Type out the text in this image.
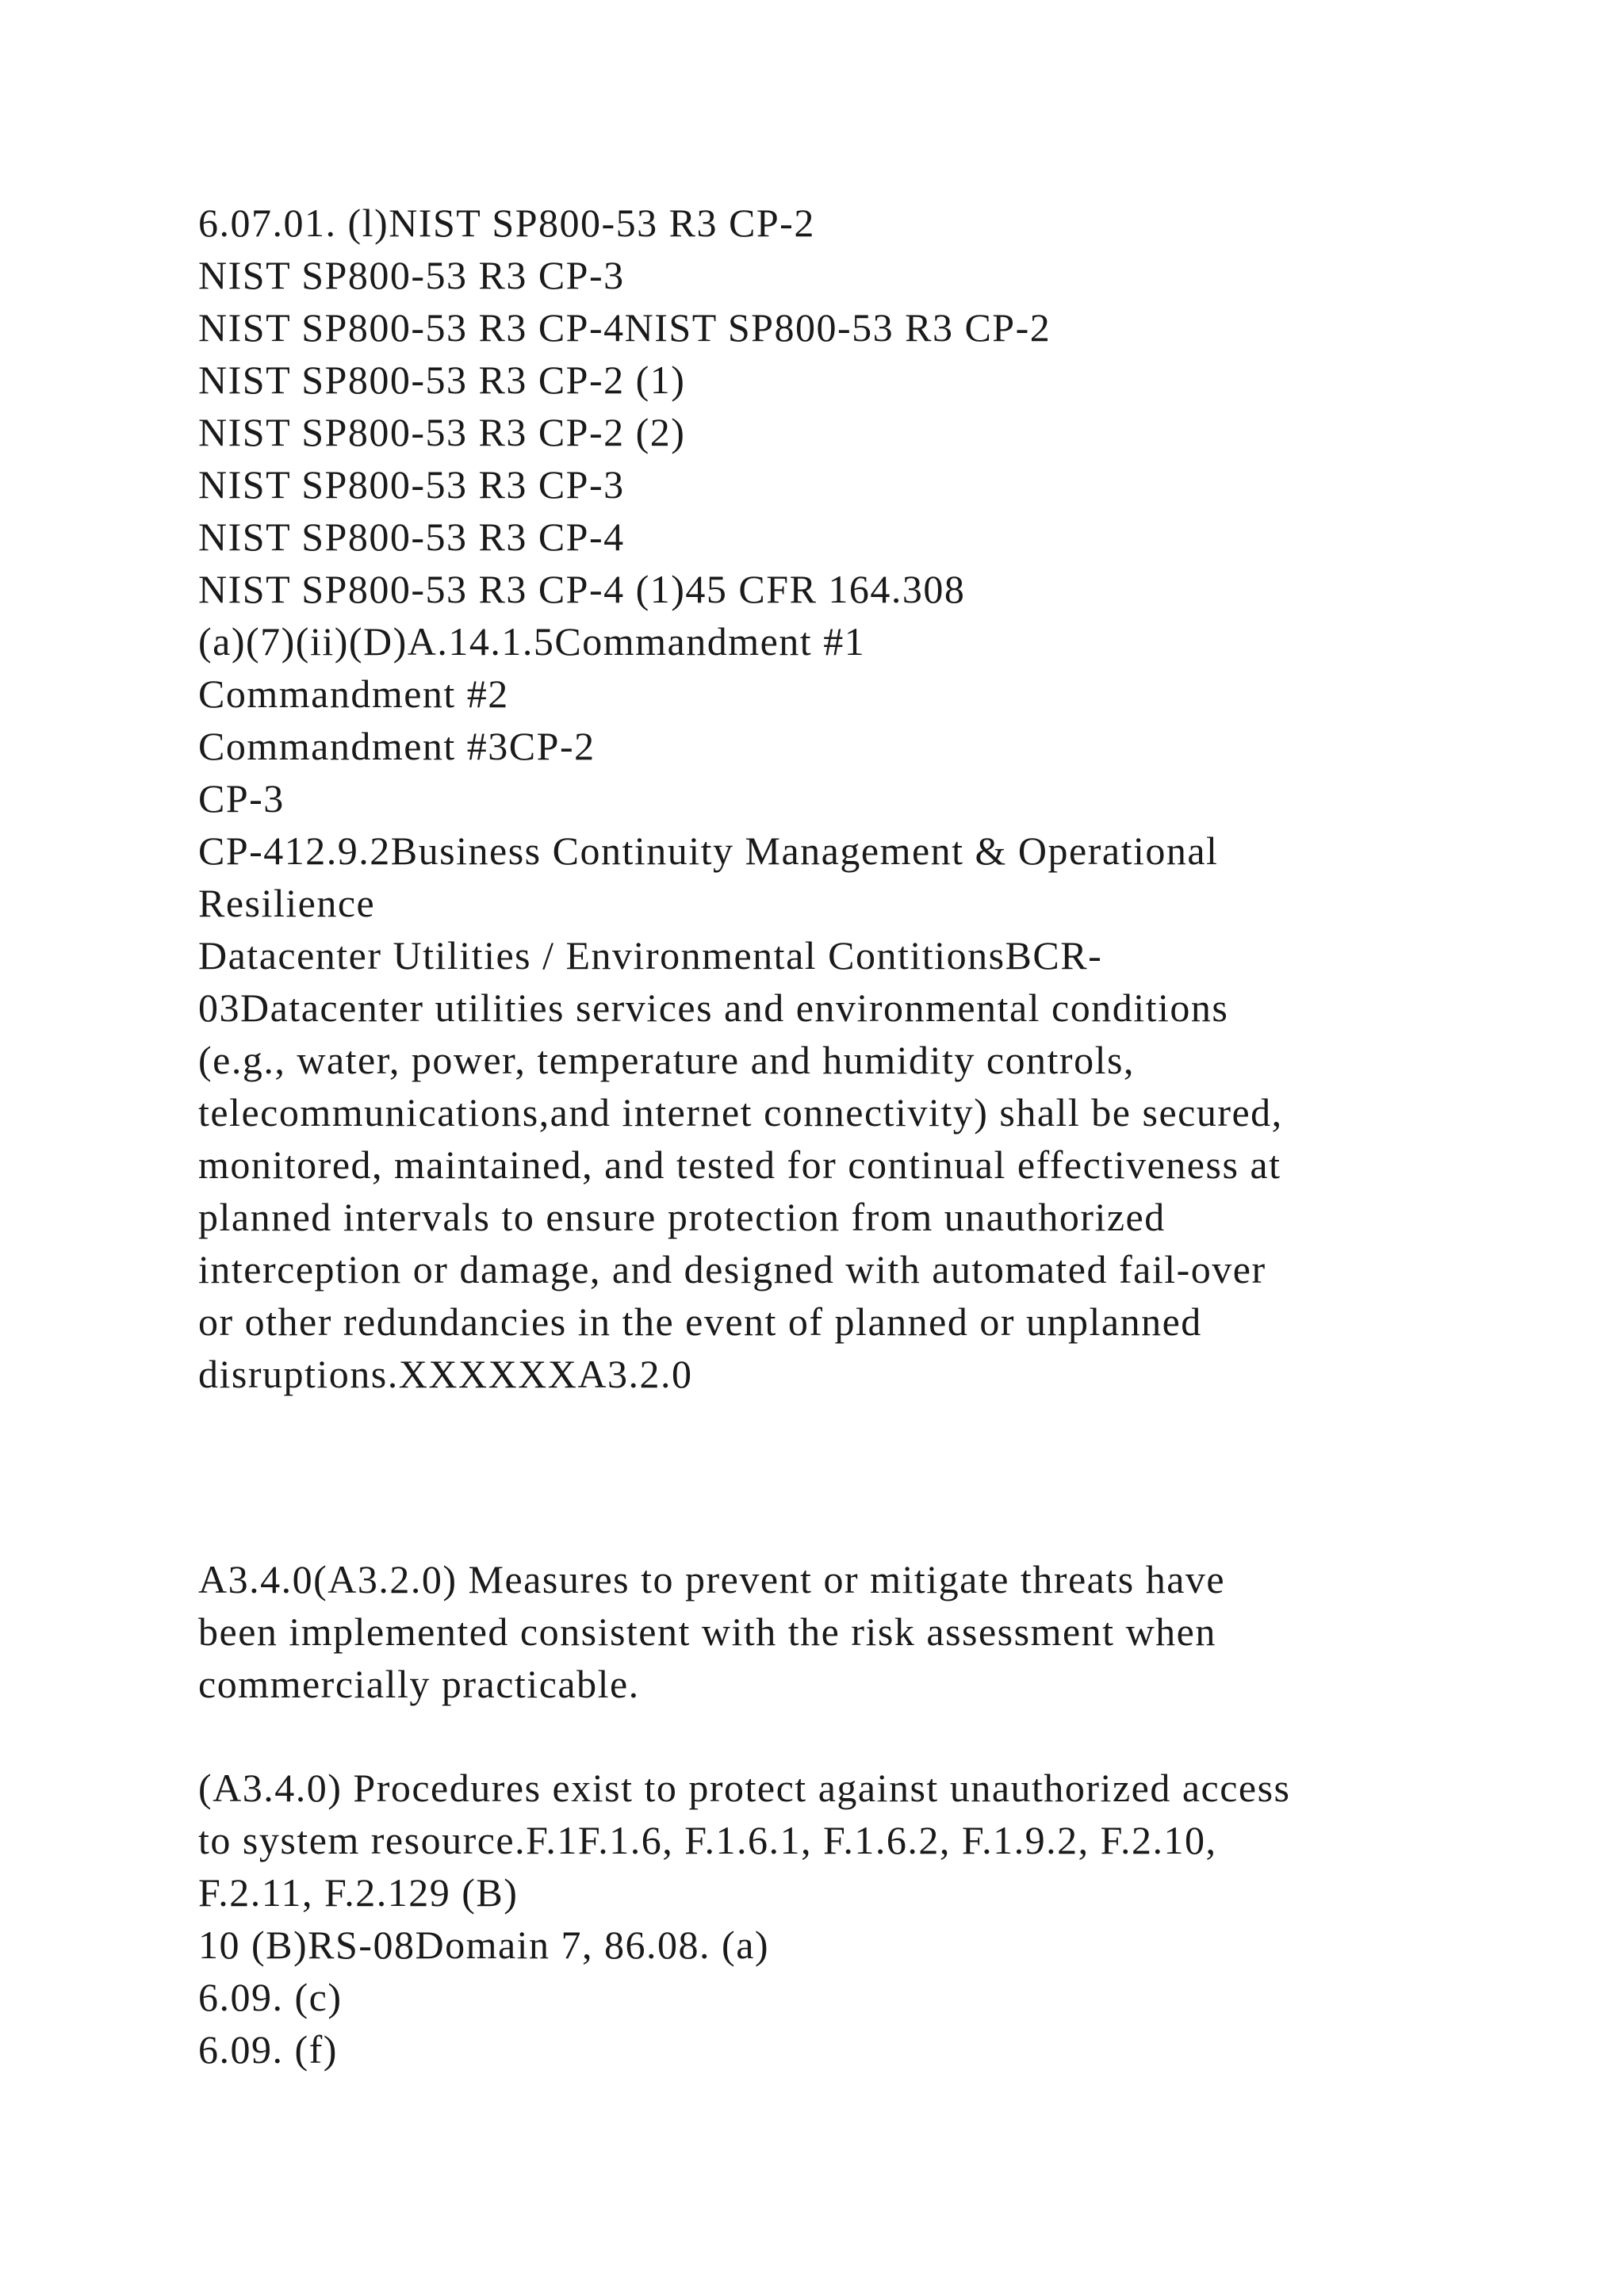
6.07.01. (l)NIST SP800-53 R3 CP-2
NIST SP800-53 R3 CP-3
NIST SP800-53 R3 CP-4NIST SP800-53 R3 CP-2
NIST SP800-53 R3 CP-2 (1)
NIST SP800-53 R3 CP-2 (2)
NIST SP800-53 R3 CP-3
NIST SP800-53 R3 CP-4
NIST SP800-53 R3 CP-4 (1)45 CFR 164.308
(a)(7)(ii)(D)A.14.1.5Commandment #1
Commandment #2
Commandment #3CP-2
CP-3
CP-412.9.2Business Continuity Management & Operational
Resilience
Datacenter Utilities / Environmental ContitionsBCR-
03Datacenter utilities services and environmental conditions
(e.g., water, power, temperature and humidity controls,
telecommunications,and internet connectivity) shall be secured,
monitored, maintained, and tested for continual effectiveness at
planned intervals to ensure protection from unauthorized
interception or damage, and designed with automated fail-over
or other redundancies in the event of planned or unplanned
disruptions.XXXXXXA3.2.0
A3.4.0(A3.2.0) Measures to prevent or mitigate threats have
been implemented consistent with the risk assessment when
commercially practicable.
(A3.4.0) Procedures exist to protect against unauthorized access
to system resource.F.1F.1.6, F.1.6.1, F.1.6.2, F.1.9.2, F.2.10,
F.2.11, F.2.129 (B)
10 (B)RS-08Domain 7, 86.08. (a)
6.09. (c)
6.09. (f)
